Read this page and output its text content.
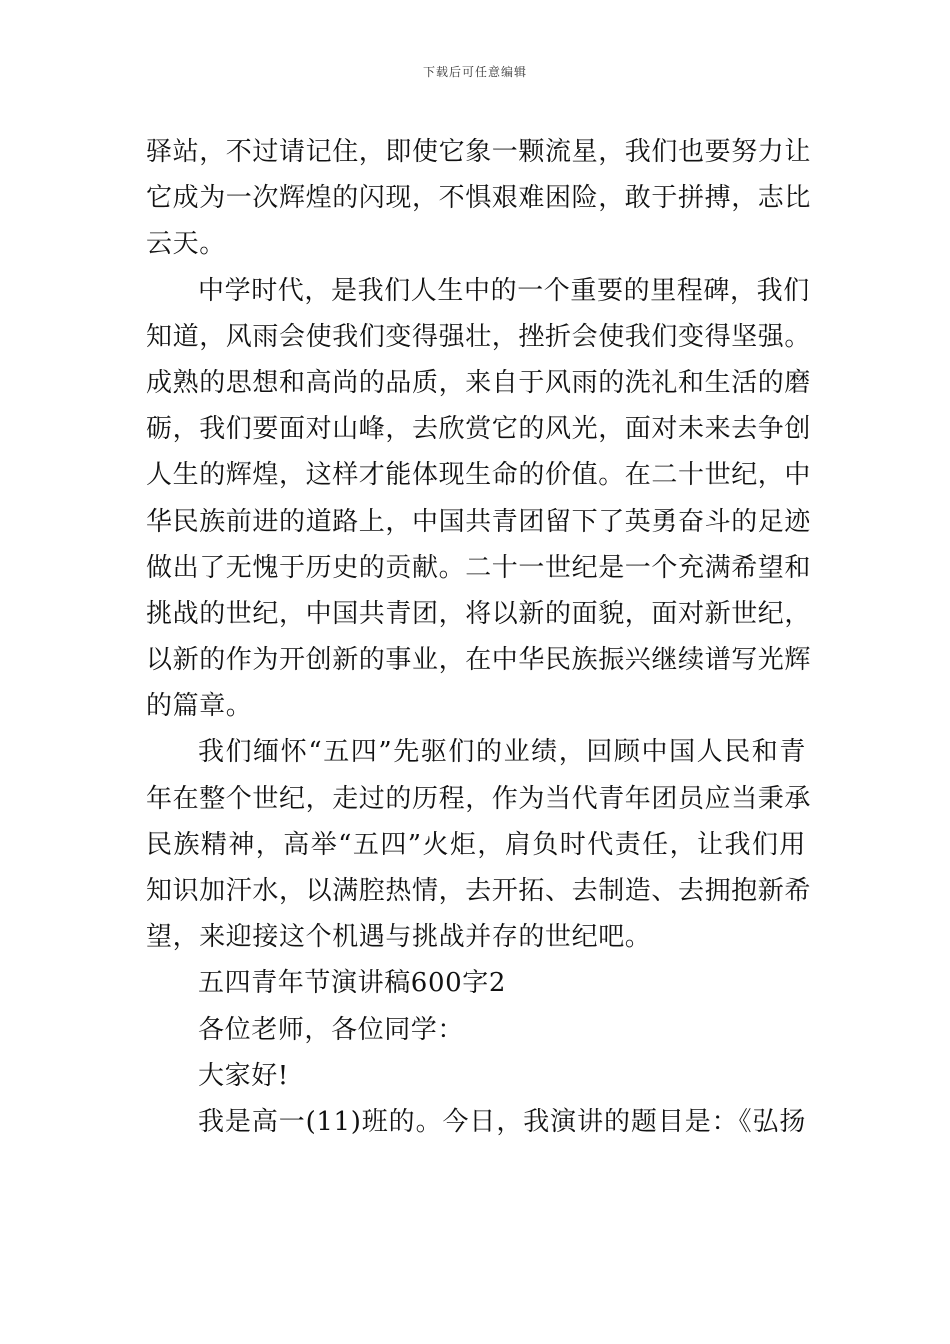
下载后可任意编辑
驿站，不过请记住，即使它象一颗流星，我们也要努力让
它成为一次辉煌的闪现，不惧艰难困险，敢于拼搏，志比
云天。
中学时代，是我们人生中的一个重要的里程碑，我们
知道，风雨会使我们变得强壮，挫折会使我们变得坚强。
成熟的思想和高尚的品质，来自于风雨的洗礼和生活的磨
砺，我们要面对山峰，去欣赏它的风光，面对未来去争创
人生的辉煌，这样才能体现生命的价值。在二十世纪，中
华民族前进的道路上，中国共青团留下了英勇奋斗的足迹
做出了无愧于历史的贡献。二十一世纪是一个充满希望和
挑战的世纪，中国共青团，将以新的面貌，面对新世纪，
以新的作为开创新的事业，在中华民族振兴继续谱写光辉
的篇章。
我们缅怀“五四”先驱们的业绩，回顾中国人民和青
年在整个世纪，走过的历程，作为当代青年团员应当秉承
民族精神，高举“五四”火炬，肩负时代责任，让我们用
知识加汗水，以满腔热情，去开拓、去制造、去拥抱新希
望，来迎接这个机遇与挑战并存的世纪吧。
五四青年节演讲稿600字2
各位老师，各位同学：
大家好!
我是高一(11)班的。今日，我演讲的题目是：《弘扬
